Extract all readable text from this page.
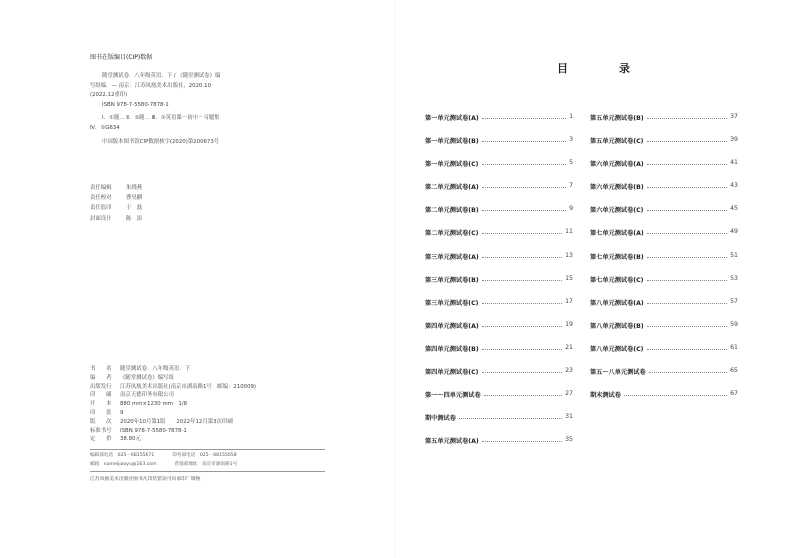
图书在版编目(CIP)数据
随堂测试卷．八年级英语．下 / 《随堂测试卷》编
写组编．— 南京：江苏凤凰美术出版社，2020.10
(2022.12重印)
ISBN 978-7-5580-7878-1
Ⅰ．①随… Ⅱ．①随… Ⅲ．①英语课－初中－习题集
Ⅳ．①G634
中国版本图书馆CIP数据核字(2020)第200673号
责任编辑	朱晓燕
责任校对	曹昊麒
责任监印	于　磊
封面设计	陈　添
书　　名 随堂测试卷．八年级英语．下
编　　者 《随堂测试卷》编写组
出版发行 江苏凤凰美术出版社(南京市湖南路1号　邮编：210009)
印　　刷 南京天德印务有限公司
开　　本 880 mm×1230 mm　1/8
印　　张 9
版　　次 2020年10月第1版　　2022年12月第3次印刷
标准书号 ISBN 978-7-5580-7878-1
定　　价 38.80元
编辑部电话　025－68155671	印务部电话　025－68155658
邮箱　nameijiaoyu@163.com	营销部地址　南京市湖南路1号
江苏凤凰美术出版社图书凡印装错误可向承印厂调换
目　录
第一单元测试卷(A)	1
第一单元测试卷(B)	3
第一单元测试卷(C)	5
第二单元测试卷(A)	7
第二单元测试卷(B)	9
第二单元测试卷(C)	11
第三单元测试卷(A)	13
第三单元测试卷(B)	15
第三单元测试卷(C)	17
第四单元测试卷(A)	19
第四单元测试卷(B)	21
第四单元测试卷(C)	23
第一～四单元测试卷	27
期中测试卷	31
第五单元测试卷(A)	35
第五单元测试卷(B)	37
第五单元测试卷(C)	39
第六单元测试卷(A)	41
第六单元测试卷(B)	43
第六单元测试卷(C)	45
第七单元测试卷(A)	49
第七单元测试卷(B)	51
第七单元测试卷(C)	53
第八单元测试卷(A)	57
第八单元测试卷(B)	59
第八单元测试卷(C)	61
第五～八单元测试卷	65
期末测试卷	67
